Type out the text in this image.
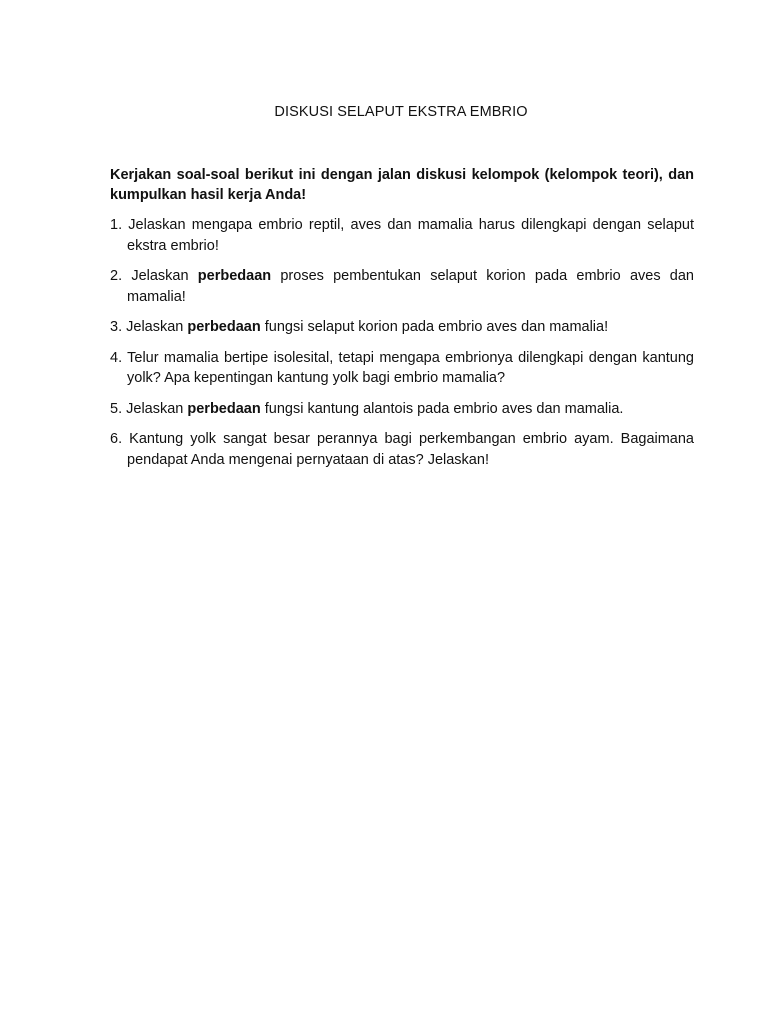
DISKUSI SELAPUT EKSTRA EMBRIO
Kerjakan soal-soal berikut ini dengan jalan diskusi kelompok (kelompok teori), dan kumpulkan hasil kerja Anda!
1. Jelaskan mengapa embrio reptil, aves dan mamalia harus dilengkapi dengan selaput ekstra embrio!
2. Jelaskan perbedaan proses pembentukan selaput korion pada embrio aves dan mamalia!
3. Jelaskan perbedaan fungsi selaput korion pada embrio aves dan mamalia!
4. Telur mamalia bertipe isolesital, tetapi mengapa embrionya dilengkapi dengan kantung yolk? Apa kepentingan kantung yolk bagi embrio mamalia?
5. Jelaskan perbedaan fungsi kantung alantois pada embrio aves dan mamalia.
6. Kantung yolk sangat besar perannya bagi perkembangan embrio ayam. Bagaimana pendapat Anda mengenai pernyataan di atas? Jelaskan!
